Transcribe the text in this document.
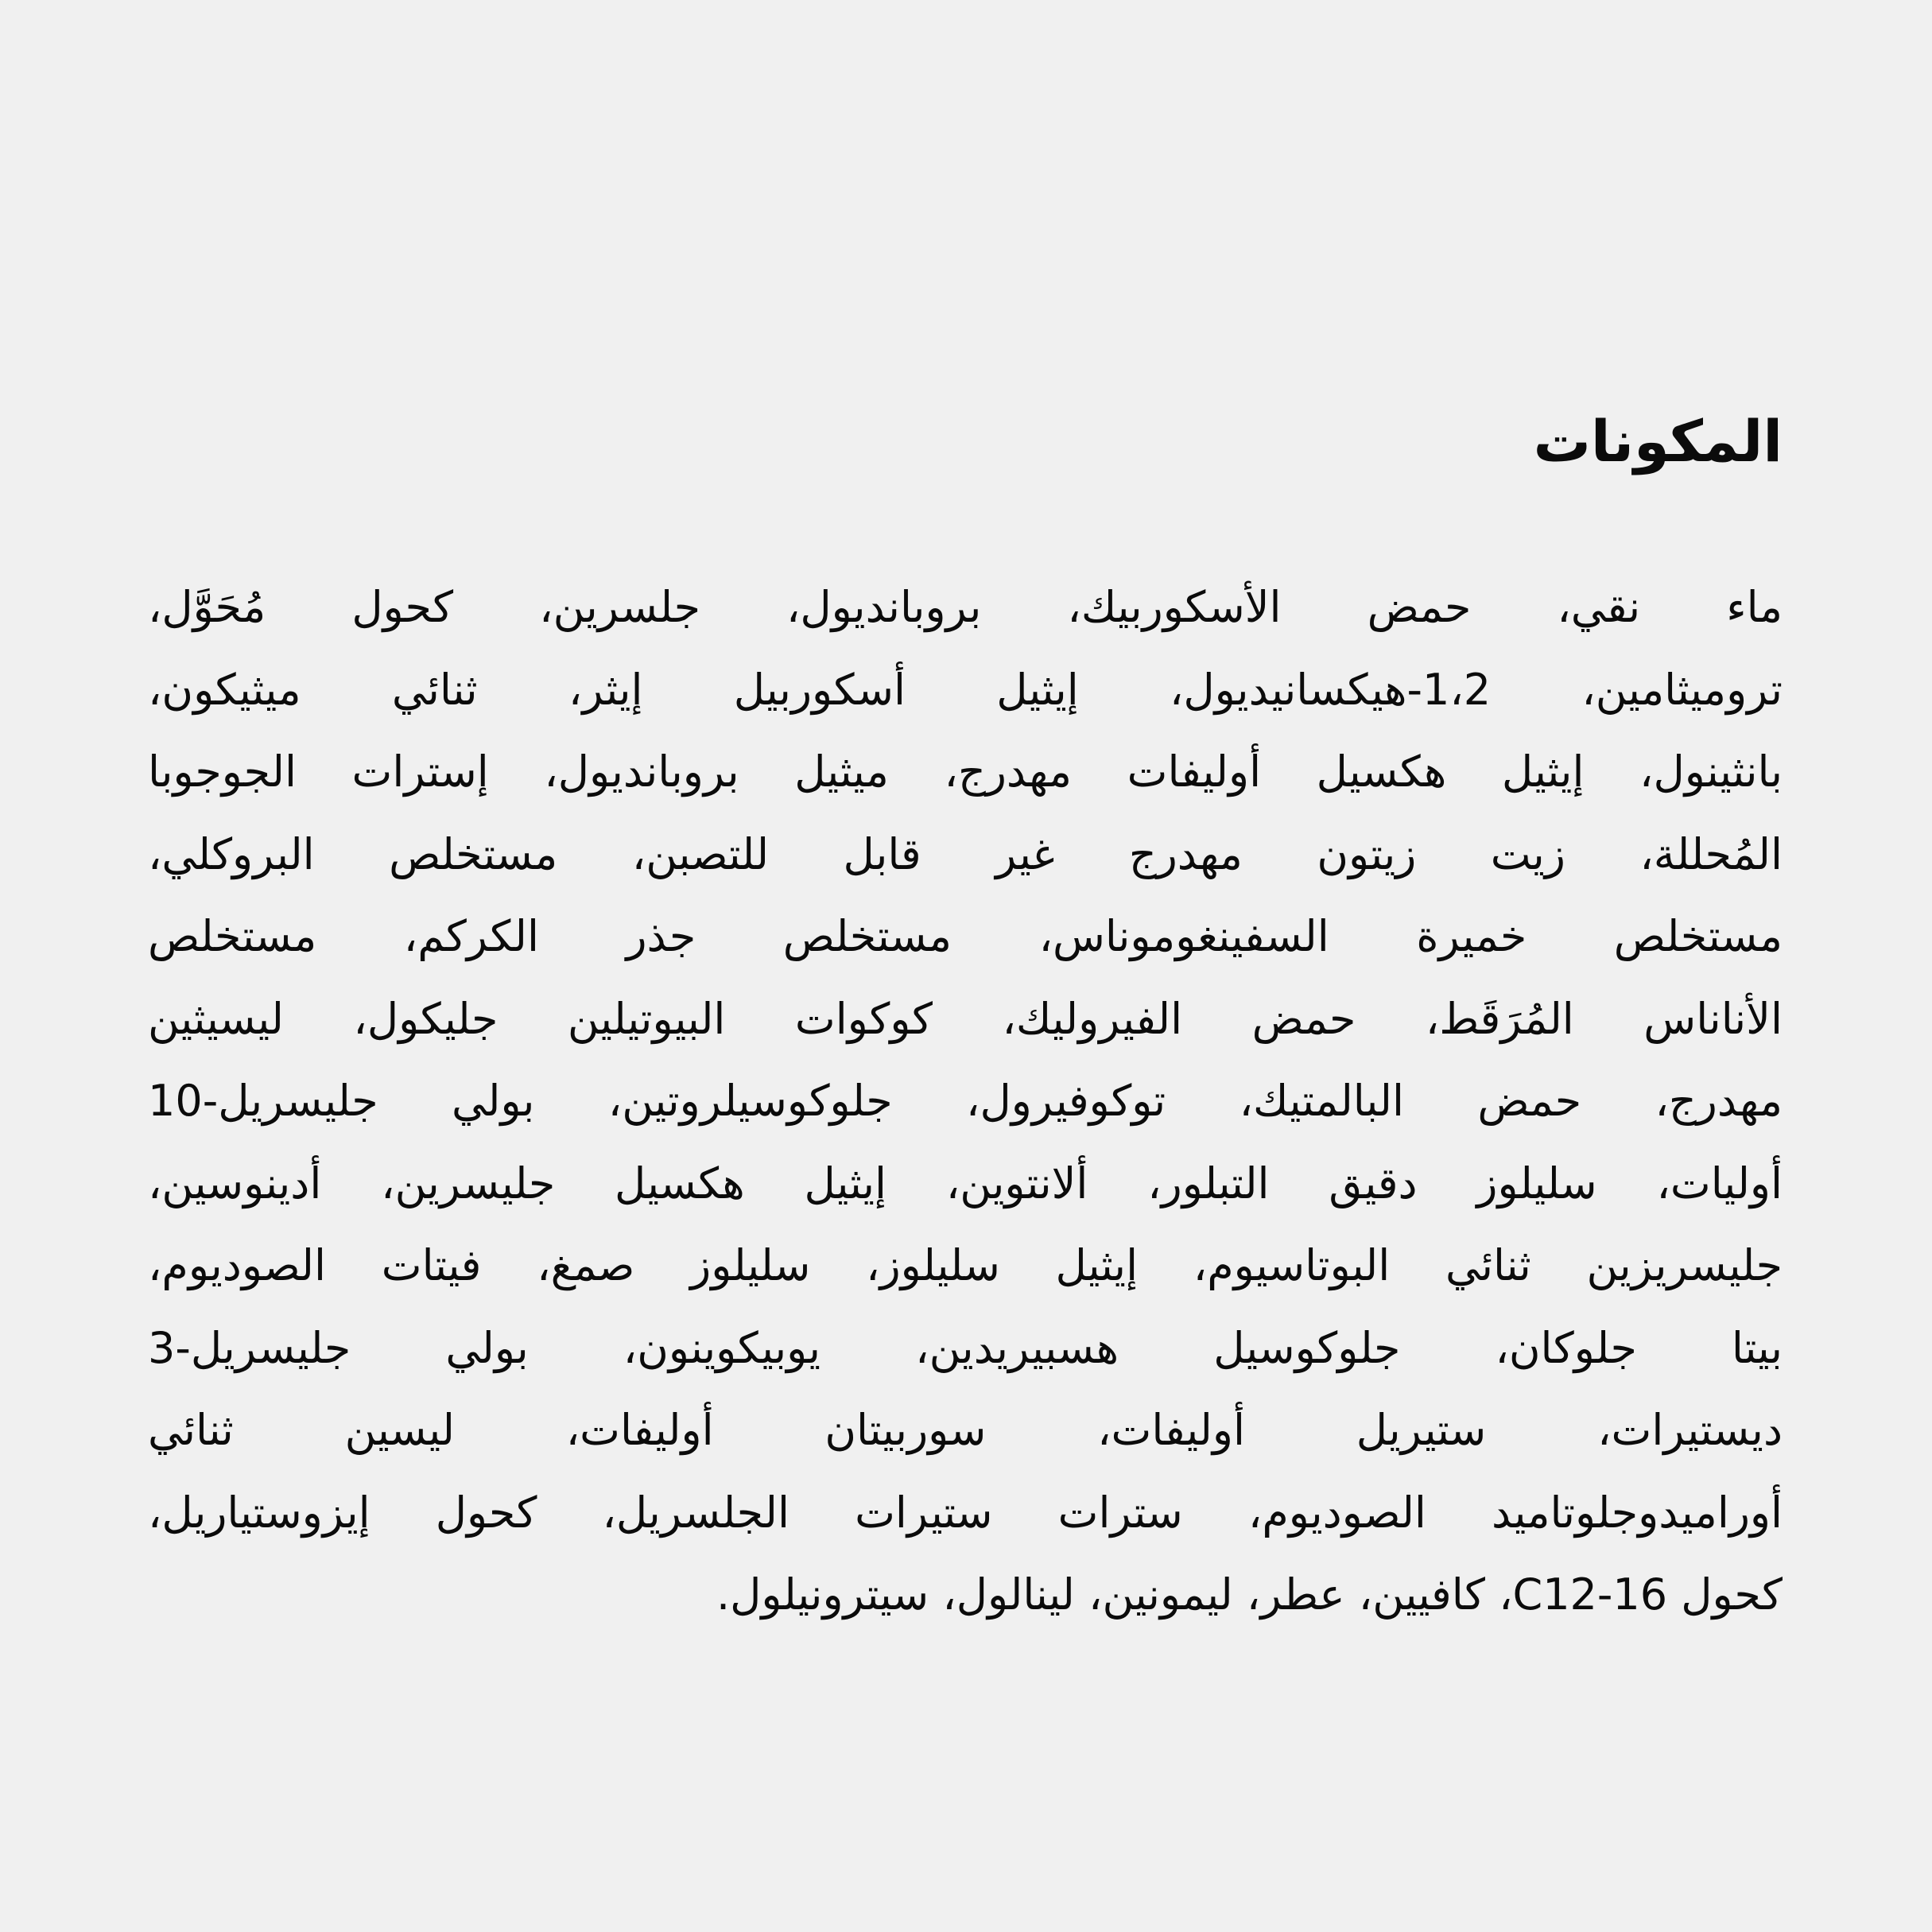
المكونات
ماء نقي، حمض الأسكوربيك، بروبانديول، جلسرين، كحول مُحَوَّل،
ترومیثامین، 1،2-هيكسانيديول، إيثيل أسكوربيل إيثر، ثنائي ميثيكون،
بانثينول، إيثيل هكسيل أوليفات مهدرج، ميثيل بروبانديول، إسترات الجوجوبا
المُحللة، زيت زيتون مهدرج غير قابل للتصبن، مستخلص البروكلي،
مستخلص خميرة السفينغوموناس، مستخلص جذر الكركم، مستخلص
الأناناس المُرَقَط، حمض الفيروليك، كوكوات البيوتيلين جليكول، ليسيثين
مهدرج، حمض البالمتيك، توكوفيرول، جلوكوسيلروتين، بولي جليسريل-10
أوليات، سليلوز دقيق التبلور، ألانتوين، إيثيل هكسيل جليسرين، أدينوسين،
جليسريزين ثنائي البوتاسيوم، إيثيل سليلوز، سليلوز صمغ، فيتات الصوديوم،
بيتا جلوكان، جلوكوسيل هسبيريدين، يوبيكوينون، بولي جليسريل-3
ديستيرات، ستيريل أوليفات، سوربيتان أوليفات، ليسين ثنائي
أوراميدوجلوتاميد الصوديوم، سترات ستيرات الجلسريل، كحول إيزوستياريل،
كحول C12-16، كافيين، عطر، ليمونين، لينالول، سيترونيلول.
